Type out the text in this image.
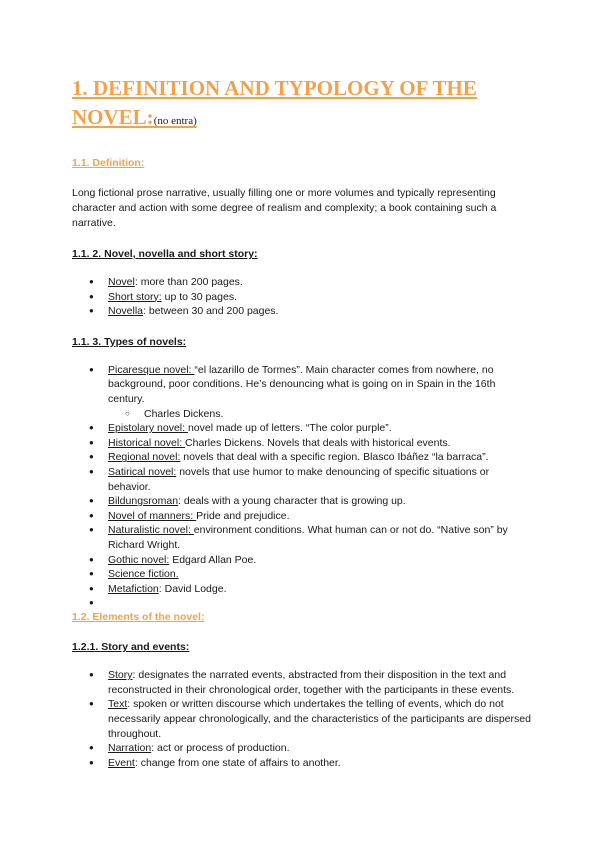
1. DEFINITION AND TYPOLOGY OF THE
NOVEL:(no entra)
1.1. Definition:

Long fictional prose narrative, usually filling one or more volumes and typically representing character and action with some degree of realism and complexity; a book containing such a narrative.

1.1. 2. Novel, novella and short story:
● Novel: more than 200 pages.
● Short story: up to 30 pages.
● Novella: between 30 and 200 pages.
1.1. 3. Types of novels:
● Picaresque novel: “el lazarillo de Tormes”. Main character comes from nowhere, no background, poor conditions. He’s denouncing what is going on in Spain in the 16th century.
○ Charles Dickens.
● Epistolary novel: novel made up of letters. “The color purple”.
● Historical novel: Charles Dickens. Novels that deals with historical events.
● Regional novel: novels that deal with a specific region. Blasco Ibáñez “la barraca”.
● Satirical novel: novels that use humor to make denouncing of specific situations or behavior.
● Bildungsroman: deals with a young character that is growing up.
● Novel of manners: Pride and prejudice.
● Naturalistic novel: environment conditions. What human can or not do. “Native son” by Richard Wright.
● Gothic novel: Edgard Allan Poe.
● Science fiction.
● Metafiction: David Lodge.
●
1.2. Elements of the novel:
1.2.1. Story and events:
● Story: designates the narrated events, abstracted from their disposition in the text and reconstructed in their chronological order, together with the participants in these events.
● Text: spoken or written discourse which undertakes the telling of events, which do not necessarily appear chronologically, and the characteristics of the participants are dispersed throughout.
● Narration: act or process of production.
● Event: change from one state of affairs to another.
